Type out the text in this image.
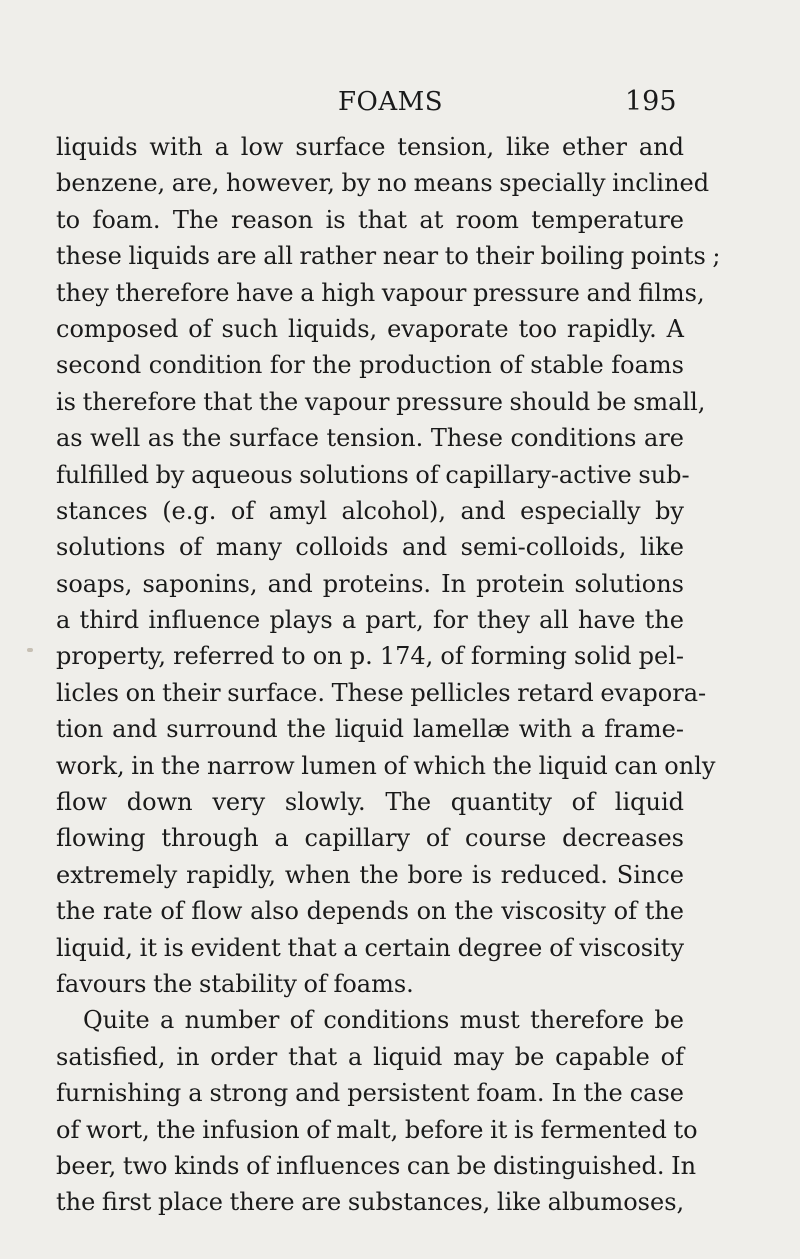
FOAMS	195
liquids with a low surface tension, like ether and
benzene, are, however, by no means specially inclined
to foam. The reason is that at room temperature
these liquids are all rather near to their boiling points ;
they therefore have a high vapour pressure and films,
composed of such liquids, evaporate too rapidly. A
second condition for the production of stable foams
is therefore that the vapour pressure should be small,
as well as the surface tension. These conditions are
fulfilled by aqueous solutions of capillary-active sub-
stances (e.g. of amyl alcohol), and especially by
solutions of many colloids and semi-colloids, like
soaps, saponins, and proteins. In protein solutions
a third influence plays a part, for they all have the
property, referred to on p. 174, of forming solid pel-
licles on their surface. These pellicles retard evapora-
tion and surround the liquid lamellæ with a frame-
work, in the narrow lumen of which the liquid can only
flow down very slowly. The quantity of liquid
flowing through a capillary of course decreases
extremely rapidly, when the bore is reduced. Since
the rate of flow also depends on the viscosity of the
liquid, it is evident that a certain degree of viscosity
favours the stability of foams.
Quite a number of conditions must therefore be
satisfied, in order that a liquid may be capable of
furnishing a strong and persistent foam. In the case
of wort, the infusion of malt, before it is fermented to
beer, two kinds of influences can be distinguished. In
the first place there are substances, like albumoses,
